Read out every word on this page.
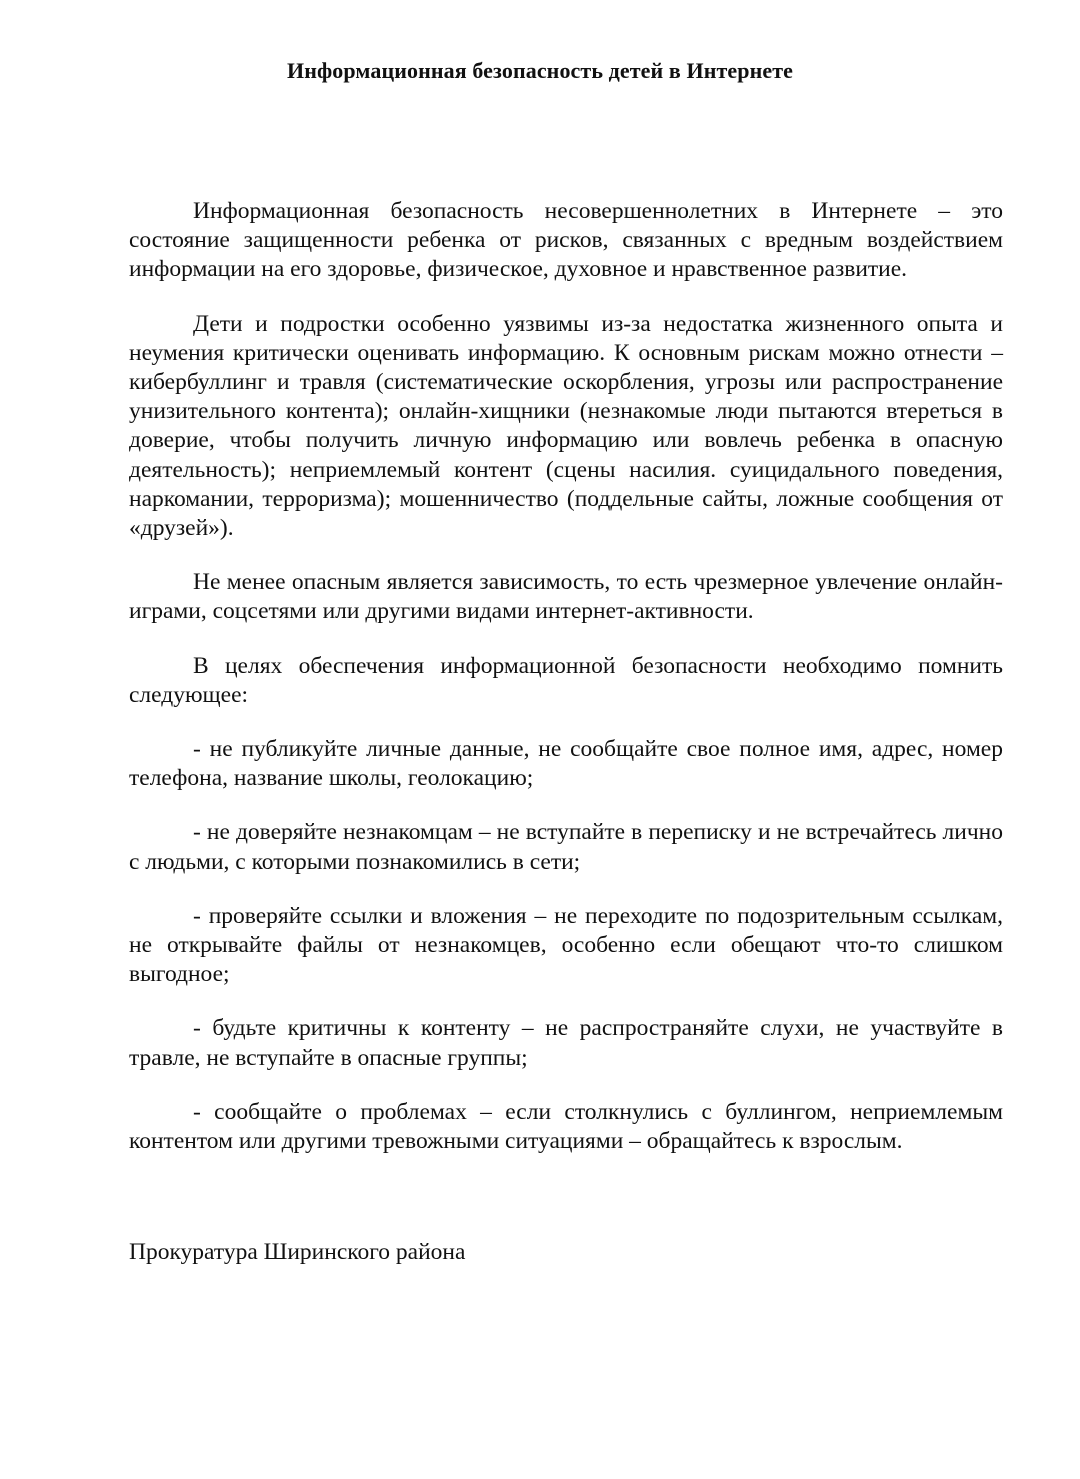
Информационная безопасность детей в Интернете

Информационная безопасность несовершеннолетних в Интернете – это состояние защищенности ребенка от рисков, связанных с вредным воздействием информации на его здоровье, физическое, духовное и нравственное развитие.

Дети и подростки особенно уязвимы из-за недостатка жизненного опыта и неумения критически оценивать информацию. К основным рискам можно отнести – кибербуллинг и травля (систематические оскорбления, угрозы или распространение унизительного контента); онлайн-хищники (незнакомые люди пытаются втереться в доверие, чтобы получить личную информацию или вовлечь ребенка в опасную деятельность); неприемлемый контент (сцены насилия. суицидального поведения, наркомании, терроризма); мошенничество (поддельные сайты, ложные сообщения от «друзей»).

Не менее опасным является зависимость, то есть чрезмерное увлечение онлайн-играми, соцсетями или другими видами интернет-активности.

В целях обеспечения информационной безопасности необходимо помнить следующее:

- не публикуйте личные данные, не сообщайте свое полное имя, адрес, номер телефона, название школы, геолокацию;

- не доверяйте незнакомцам – не вступайте в переписку и не встречайтесь лично с людьми, с которыми познакомились в сети;

- проверяйте ссылки и вложения – не переходите по подозрительным ссылкам, не открывайте файлы от незнакомцев, особенно если обещают что-то слишком выгодное;

- будьте критичны к контенту – не распространяйте слухи, не участвуйте в травле, не вступайте в опасные группы;

- сообщайте о проблемах – если столкнулись с буллингом, неприемлемым контентом или другими тревожными ситуациями – обращайтесь к взрослым.

Прокуратура Ширинского района
